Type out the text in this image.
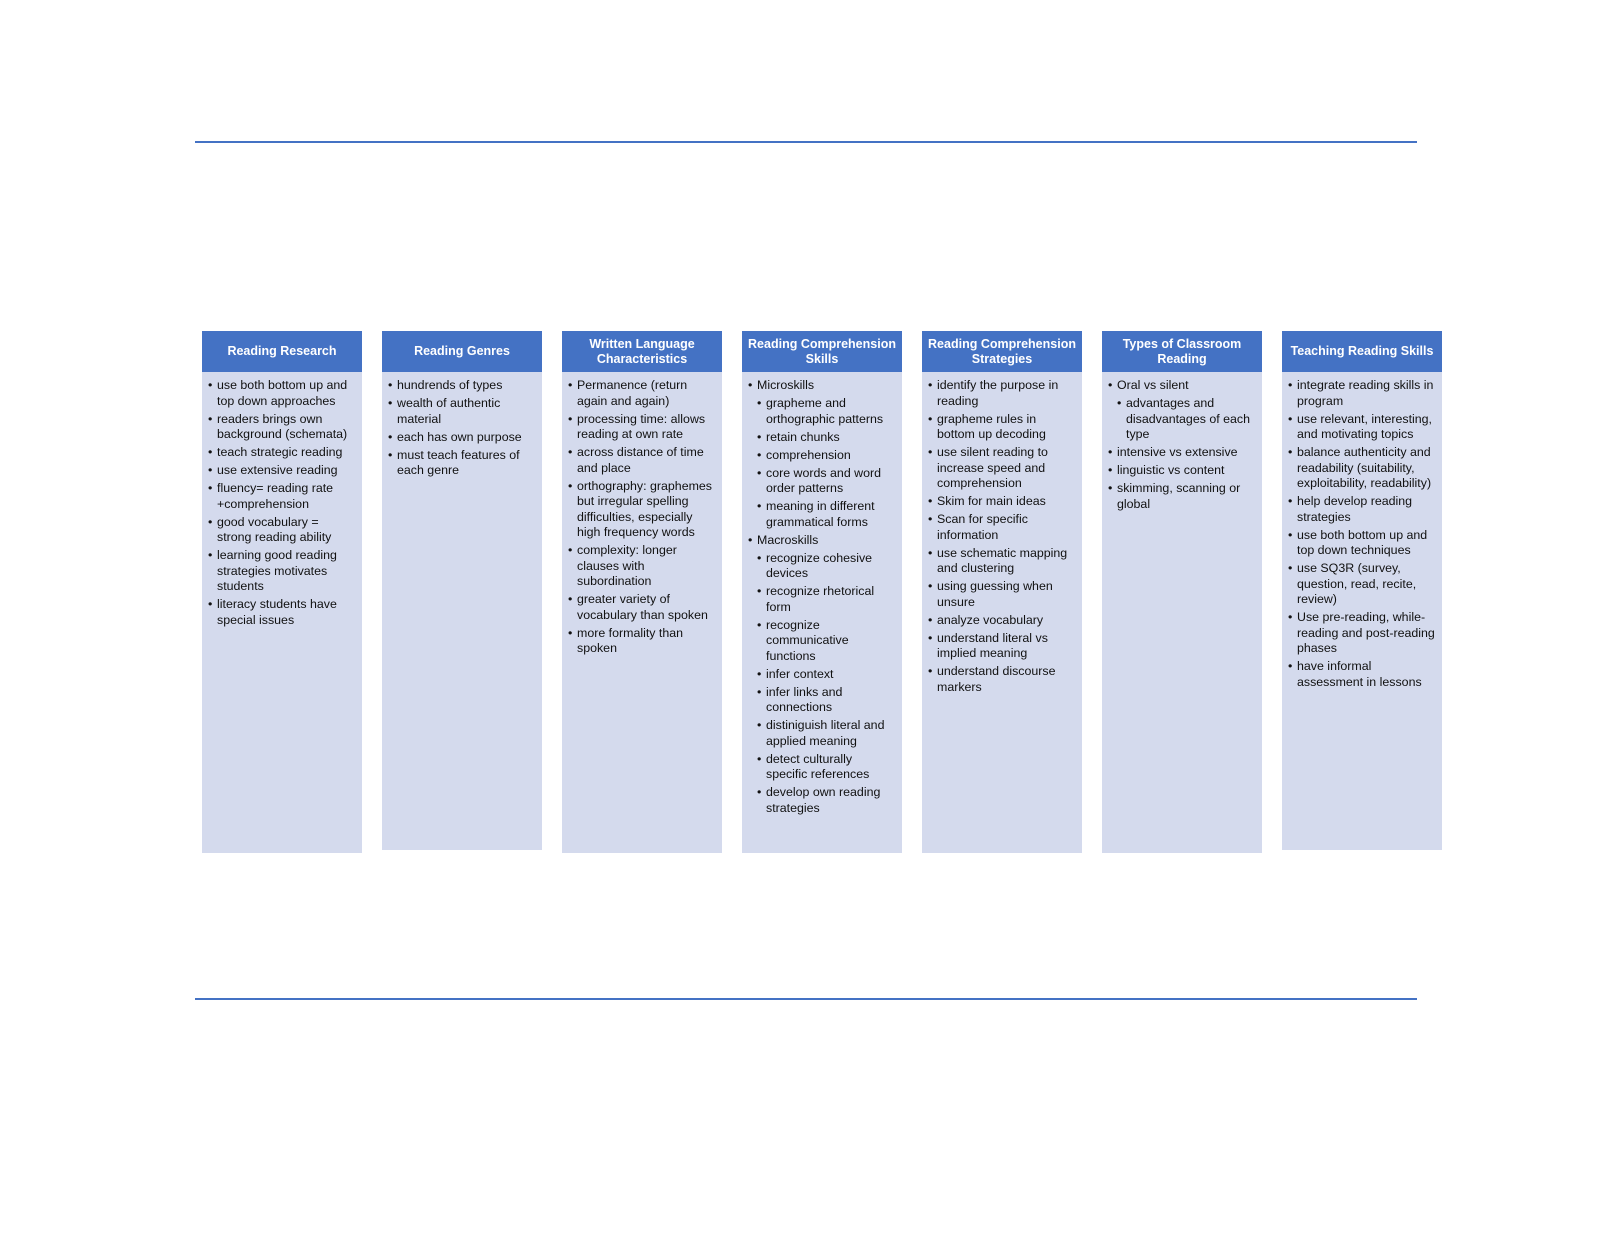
Reading Research
• use both bottom up and top down approaches
• readers brings own background (schemata)
• teach strategic reading
• use extensive reading
• fluency= reading rate +comprehension
• good vocabulary = strong reading ability
• learning good reading strategies motivates students
• literacy students have special issues
Reading Genres
• hundrends of types
• wealth of authentic material
• each has own purpose
• must teach features of each genre
Written Language Characteristics
• Permanence (return again and again)
• processing time: allows reading at own rate
• across distance of time and place
• orthography: graphemes but irregular spelling difficulties, especially high frequency words
• complexity: longer clauses with subordination
• greater variety of vocabulary than spoken
• more formality than spoken
Reading Comprehension Skills
• Microskills
• grapheme and orthographic patterns
• retain chunks
• comprehension
• core words and word order patterns
• meaning in different grammatical forms
• Macroskills
• recognize cohesive devices
• recognize rhetorical form
• recognize communicative functions
• infer context
• infer links and connections
• distiniguish literal and applied meaning
• detect culturally specific references
• develop own reading strategies
Reading Comprehension Strategies
• identify the purpose in reading
• grapheme rules in bottom up decoding
• use silent reading to increase speed and comprehension
• Skim for main ideas
• Scan for specific information
• use schematic mapping and clustering
• using guessing when unsure
• analyze vocabulary
• understand literal vs implied meaning
• understand discourse markers
Types of Classroom Reading
• Oral vs silent
• advantages and disadvantages of each type
• intensive vs extensive
• linguistic vs content
• skimming, scanning or global
Teaching Reading Skills
• integrate reading skills in program
• use relevant, interesting, and motivating topics
• balance authenticity and readability (suitability, exploitability, readability)
• help develop reading strategies
• use both bottom up and top down techniques
• use SQ3R (survey, question, read, recite, review)
• Use pre-reading, while-reading and post-reading phases
• have informal assessment in lessons
